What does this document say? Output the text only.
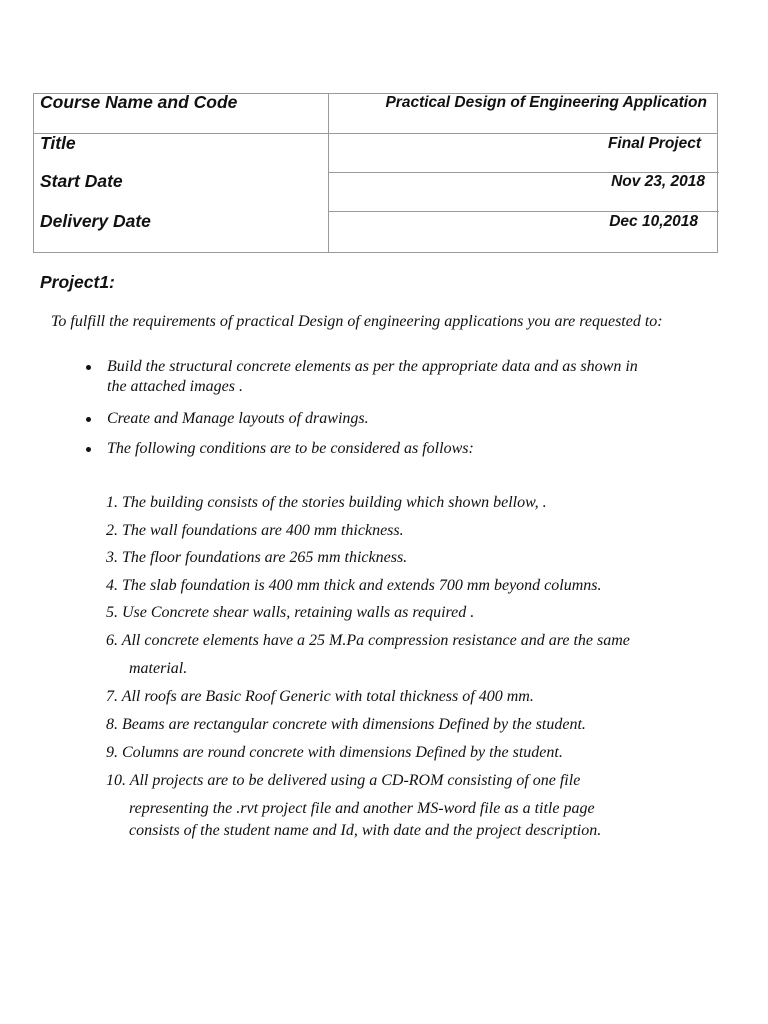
Course Name and Code	Practical Design of Engineering Application
Title	Final Project
Start Date	Nov 23, 2018
Delivery Date	Dec 10,2018
Project1:
To fulfill the requirements of practical Design of engineering applications you are requested to:
Build the structural concrete elements as per the appropriate data and as shown in
the attached images .
Create and Manage layouts of drawings.
The following conditions are to be considered as follows:
1. The building consists of the stories building which shown bellow, .
2. The wall foundations are 400 mm thickness.
3. The floor foundations are 265 mm thickness.
4. The slab foundation is 400 mm thick and extends 700 mm beyond columns.
5. Use Concrete shear walls, retaining walls as required .
6. All concrete elements have a 25 M.Pa compression resistance and are the same
material.
7. All roofs are Basic Roof Generic with total thickness of 400 mm.
8. Beams are rectangular concrete with dimensions Defined by the student.
9. Columns are round concrete with dimensions Defined by the student.
10. All projects are to be delivered using a CD-ROM consisting of one file
representing the .rvt project file and another MS-word file as a title page
consists of the student name and Id, with date and the project description.
